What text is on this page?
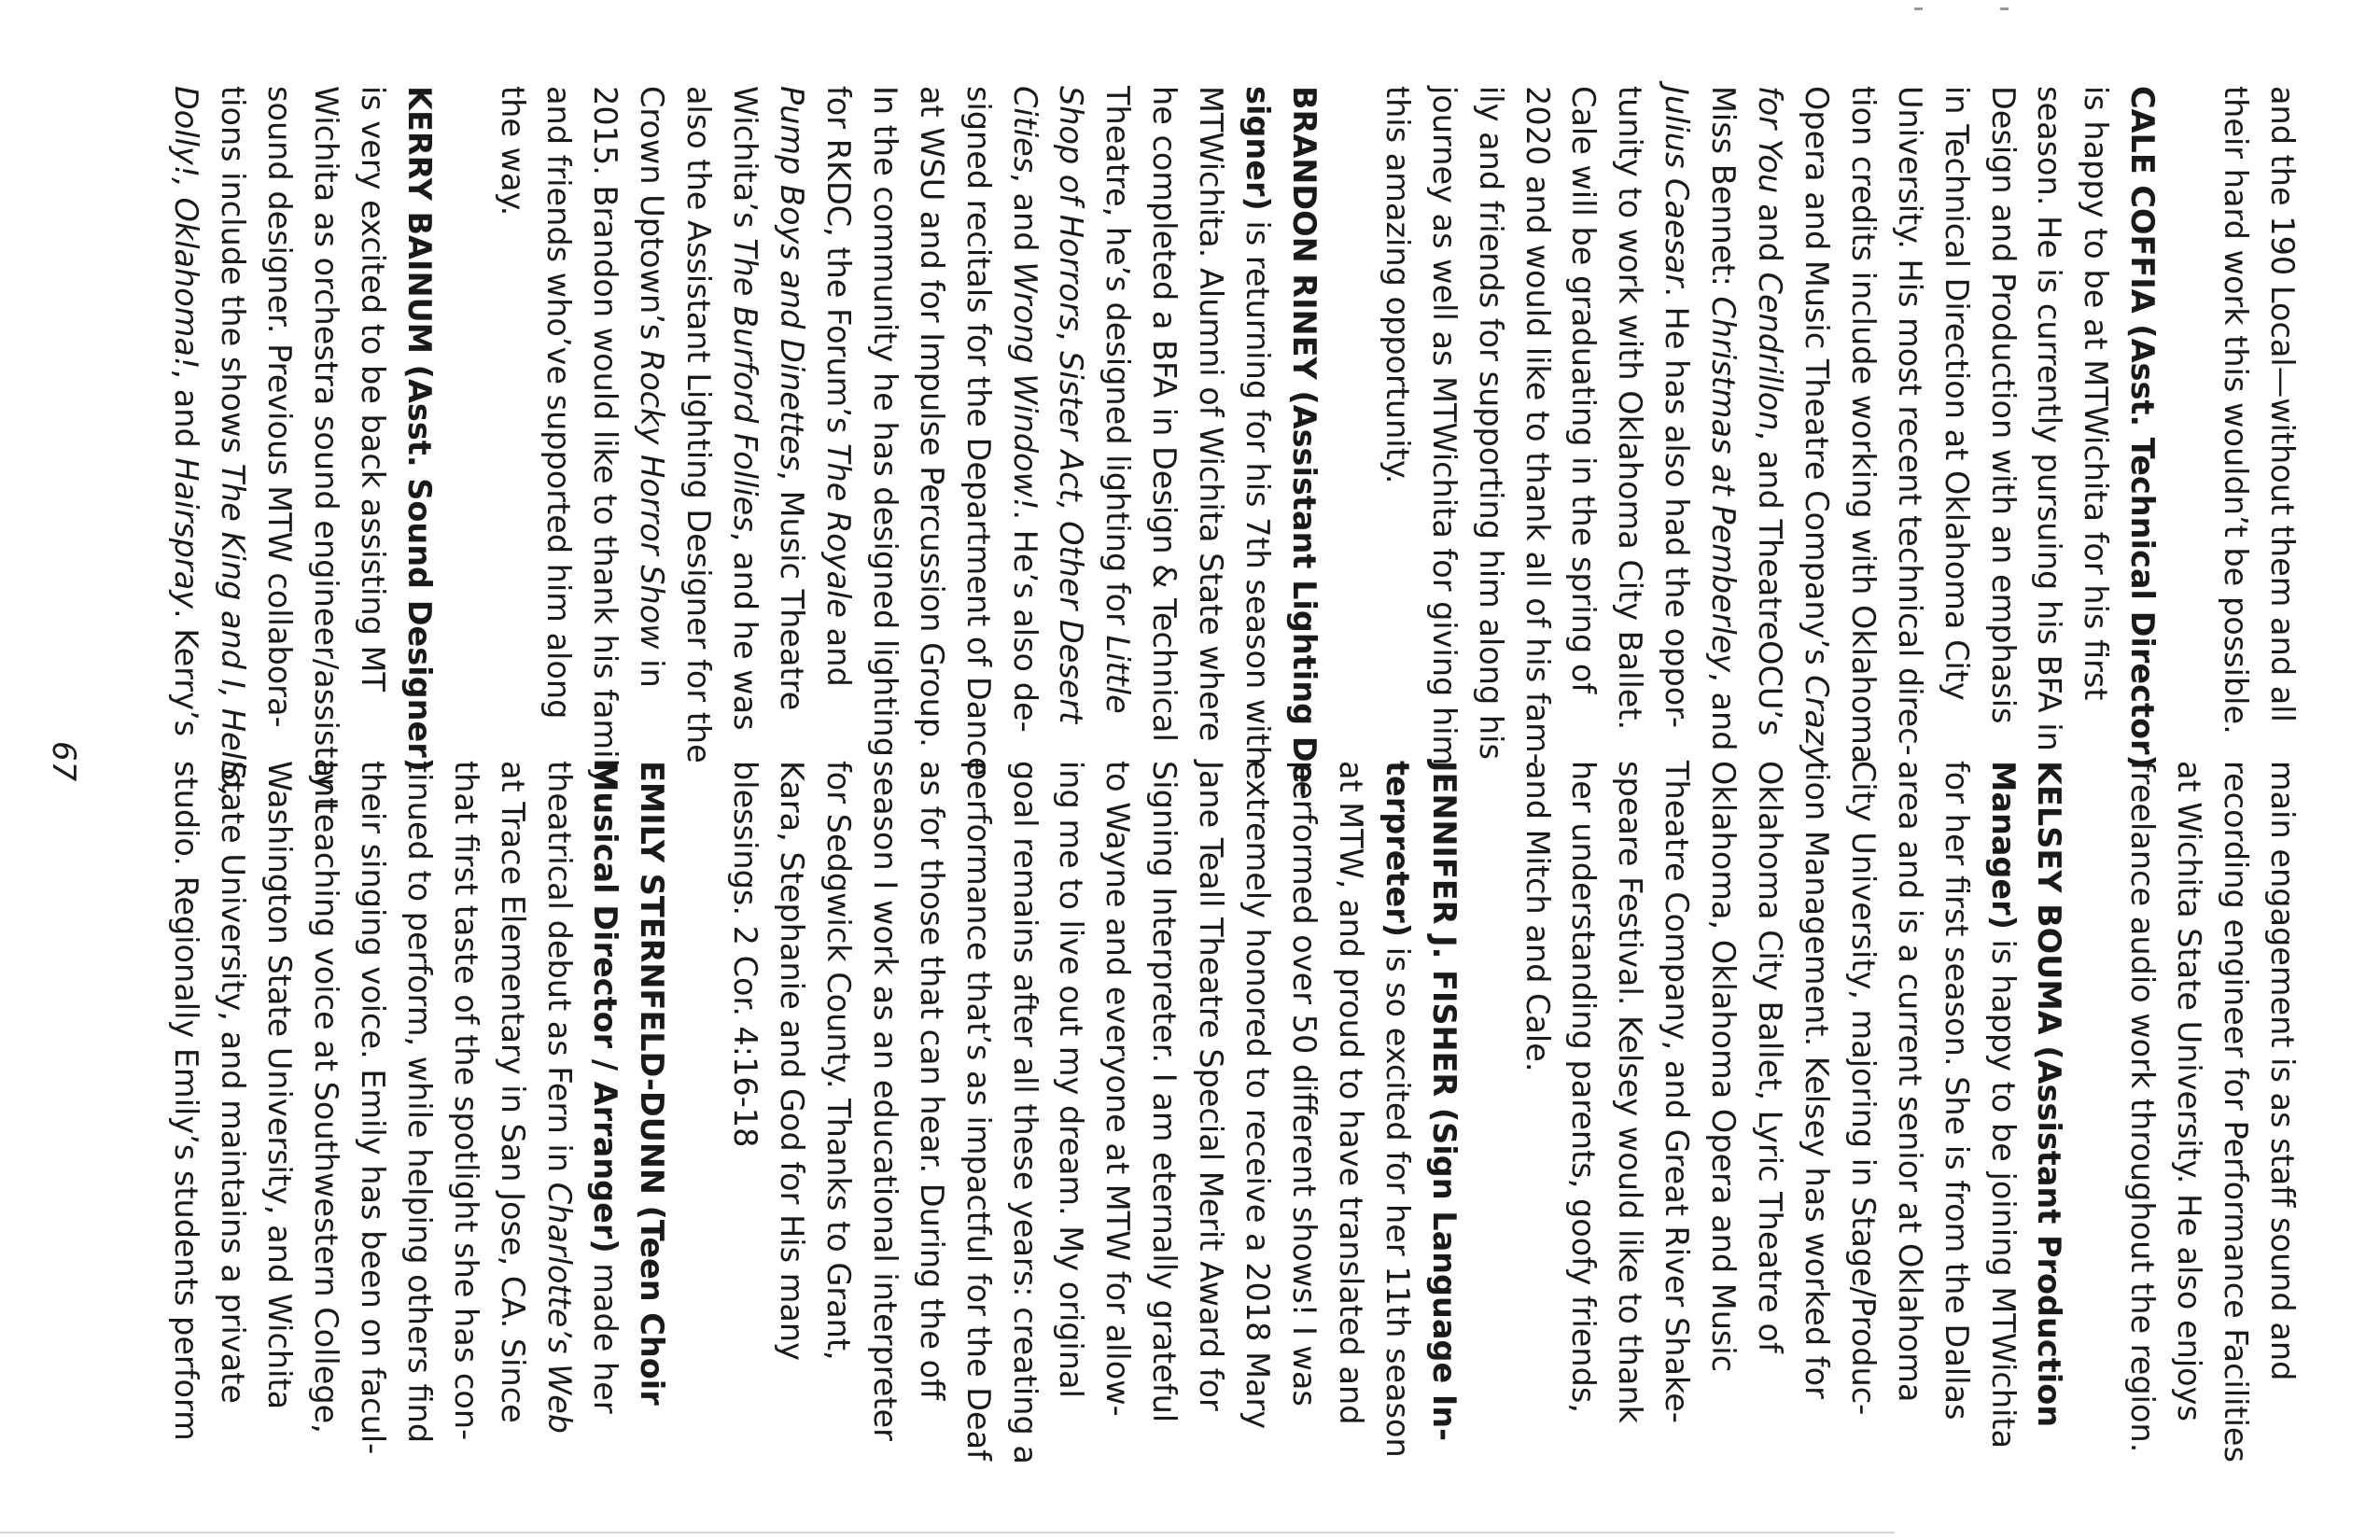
and the 190 Local—without them and all

their hard work this wouldn’t be possible.

CALE COFFIA (Asst. Technical Director)

is happy to be at MTWichita for his first

season. He is currently pursuing his BFA in

Design and Production with an emphasis

in Technical Direction at Oklahoma City

University. His most recent technical direc-

tion credits include working with Oklahoma

Opera and Music Theatre Company’s Crazy

for You and Cendrillon, and TheatreOCU’s

Miss Bennet: Christmas at Pemberley, and

Julius Caesar. He has also had the oppor-

tunity to work with Oklahoma City Ballet.

Cale will be graduating in the spring of

2020 and would like to thank all of his fam-

ily and friends for supporting him along his

journey as well as MTWichita for giving him

this amazing opportunity.

BRANDON RINEY (Assistant Lighting De-

signer) is returning for his 7th season with

MTWichita. Alumni of Wichita State where

he completed a BFA in Design & Technical

Theatre, he’s designed lighting for Little

Shop of Horrors, Sister Act, Other Desert

Cities, and Wrong Window!. He’s also de-

signed recitals for the Department of Dance

at WSU and for Impulse Percussion Group.

In the community he has designed lighting

for RKDC, the Forum’s The Royale and

Pump Boys and Dinettes, Music Theatre

Wichita’s The Burford Follies, and he was

also the Assistant Lighting Designer for the

Crown Uptown’s Rocky Horror Show in

2015. Brandon would like to thank his family

and friends who’ve supported him along

the way.

KERRY BAINUM (Asst. Sound Designer)

is very excited to be back assisting MT

Wichita as orchestra sound engineer/assistant

sound designer. Previous MTW collabora-

tions include the shows The King and I, Hello,

Dolly!, Oklahoma!, and Hairspray. Kerry’s

main engagement is as staff sound and

recording engineer for Performance Facilities

at Wichita State University. He also enjoys

freelance audio work throughout the region.

KELSEY BOUMA (Assistant Production

Manager) is happy to be joining MTWichita

for her first season. She is from the Dallas

area and is a current senior at Oklahoma

City University, majoring in Stage/Produc-

tion Management. Kelsey has worked for

Oklahoma City Ballet, Lyric Theatre of

Oklahoma, Oklahoma Opera and Music

Theatre Company, and Great River Shake-

speare Festival. Kelsey would like to thank

her understanding parents, goofy friends,

and Mitch and Cale.

JENNIFER J. FISHER (Sign Language In-

terpreter) is so excited for her 11th season

at MTW, and proud to have translated and

performed over 50 different shows! I was

extremely honored to receive a 2018 Mary

Jane Teall Theatre Special Merit Award for

Signing Interpreter. I am eternally grateful

to Wayne and everyone at MTW for allow-

ing me to live out my dream. My original

goal remains after all these years: creating a

performance that’s as impactful for the Deaf

as for those that can hear. During the off

season I work as an educational interpreter

for Sedgwick County. Thanks to Grant,

Kara, Stephanie and God for His many

blessings. 2 Cor. 4:16-18

EMILY STERNFELD-DUNN (Teen Choir

Musical Director / Arranger) made her

theatrical debut as Fern in Charlotte’s Web

at Trace Elementary in San Jose, CA. Since

that first taste of the spotlight she has con-

tinued to perform, while helping others find

their singing voice. Emily has been on facul-

ty teaching voice at Southwestern College,

Washington State University, and Wichita

State University, and maintains a private

studio. Regionally Emily’s students perform

67
